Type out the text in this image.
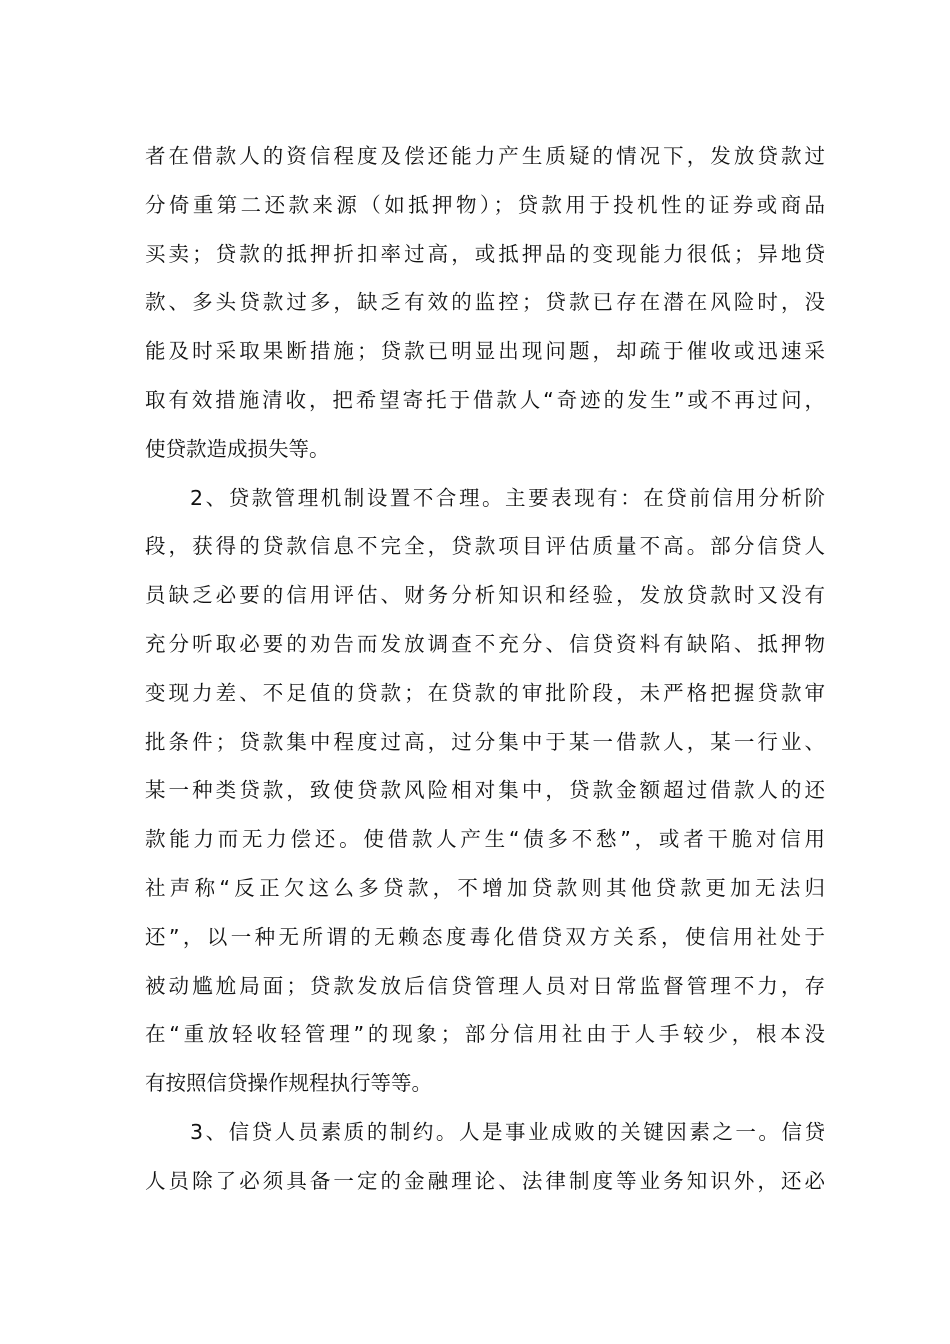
者在借款人的资信程度及偿还能力产生质疑的情况下，发放贷款过
分倚重第二还款来源（如抵押物）；贷款用于投机性的证券或商品
买卖；贷款的抵押折扣率过高，或抵押品的变现能力很低；异地贷
款、多头贷款过多，缺乏有效的监控；贷款已存在潜在风险时，没
能及时采取果断措施；贷款已明显出现问题，却疏于催收或迅速采
取有效措施清收，把希望寄托于借款人“奇迹的发生”或不再过问，
使贷款造成损失等。
2、贷款管理机制设置不合理。主要表现有：在贷前信用分析阶
段，获得的贷款信息不完全，贷款项目评估质量不高。部分信贷人
员缺乏必要的信用评估、财务分析知识和经验，发放贷款时又没有
充分听取必要的劝告而发放调查不充分、信贷资料有缺陷、抵押物
变现力差、不足值的贷款；在贷款的审批阶段，未严格把握贷款审
批条件；贷款集中程度过高，过分集中于某一借款人，某一行业、
某一种类贷款，致使贷款风险相对集中，贷款金额超过借款人的还
款能力而无力偿还。使借款人产生“债多不愁”，或者干脆对信用
社声称“反正欠这么多贷款，不增加贷款则其他贷款更加无法归
还”，以一种无所谓的无赖态度毒化借贷双方关系，使信用社处于
被动尴尬局面；贷款发放后信贷管理人员对日常监督管理不力，存
在“重放轻收轻管理”的现象；部分信用社由于人手较少，根本没
有按照信贷操作规程执行等等。
3、信贷人员素质的制约。人是事业成败的关键因素之一。信贷
人员除了必须具备一定的金融理论、法律制度等业务知识外，还必
